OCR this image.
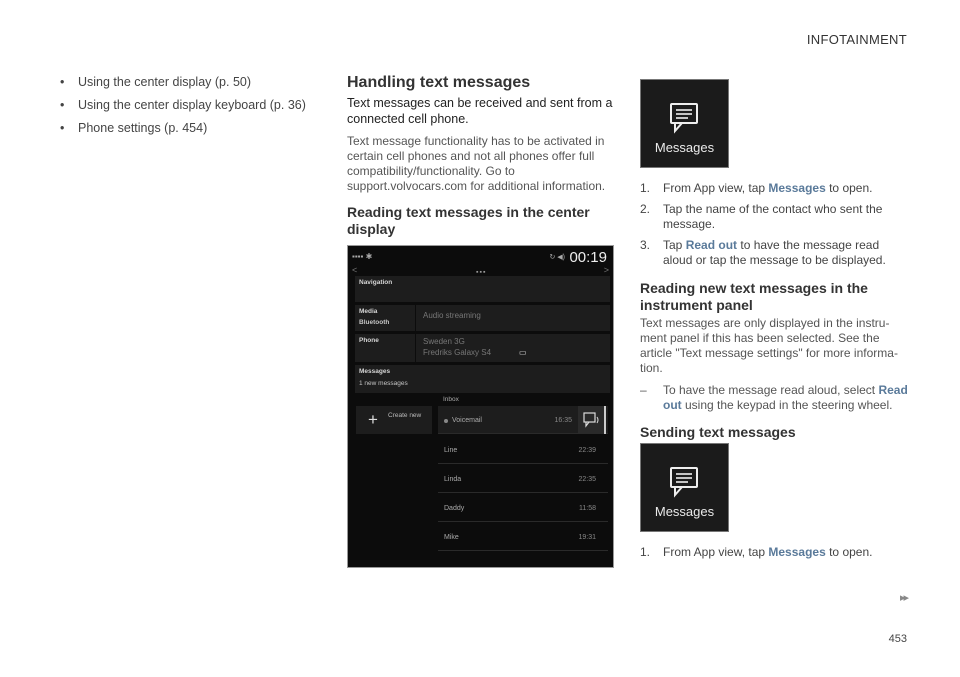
INFOTAINMENT
•	Using the center display (p. 50)
•	Using the center display keyboard (p. 36)
•	Phone settings (p. 454)
Handling text messages
Text messages can be received and sent from a connected cell phone.
Text message functionality has to be activated in certain cell phones and not all phones offer full compatibility/functionality. Go to support.volvocars.com for additional information.
Reading text messages in the center display
▪▪▪▪ ✱	↻ ◀) 00:19
<	>
▪▪▪
Navigation
Media
Bluetooth
Audio streaming
Phone	Sweden 3G
Fredriks Galaxy S4	▭
Messages
1 new messages
Inbox
+ Create new
Voicemail	16:35
Line	22:39
Linda	22:35
Daddy	11:58
Mike	19:31
Messages
1.	From App view, tap Messages to open.
2.	Tap the name of the contact who sent the message.
3.	Tap Read out to have the message read aloud or tap the message to be displayed.
Reading new text messages in the instrument panel
Text messages are only displayed in the instru-ment panel if this has been selected. See the article "Text message settings" for more informa-tion.
–	To have the message read aloud, select Read out using the keypad in the steering wheel.
Sending text messages
Messages
1.	From App view, tap Messages to open.
▸▸
453
